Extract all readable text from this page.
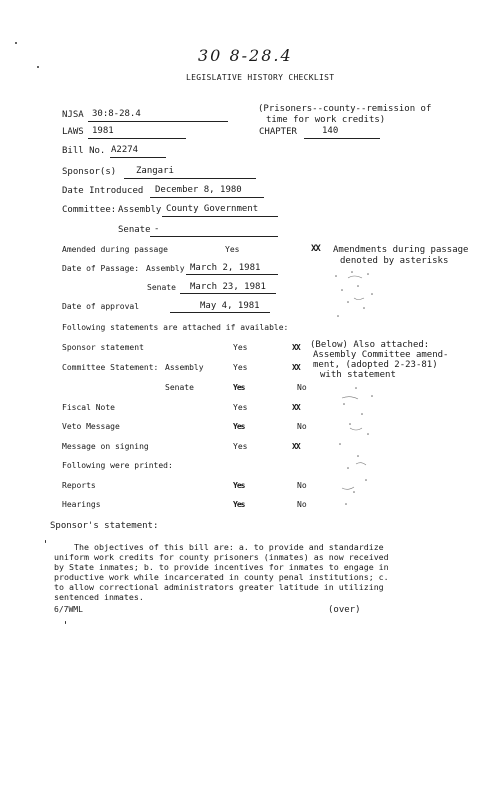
30 8-28.4
LEGISLATIVE HISTORY CHECKLIST
NJSA 30:8-28.4	(Prisoners--county--remission of
time for work credits)
LAWS 1981	CHAPTER	140
Bill No. A2274
Sponsor(s) Zangari
Date Introduced December 8, 1980
Committee: Assembly County Government
Senate -
Amended during passage	Yes	XX Amendments during passage
denoted by asterisks
Date of Passage: Assembly March 2, 1981
Senate March 23, 1981
Date of approval	May 4, 1981
Following statements are attached if available:
Sponsor statement	Yes	XX (Below) Also attached:
Assembly Committee amend-
ment, (adopted 2-23-81)
with statement
Committee Statement: Assembly	Yes	XX
Senate	Yes	No
Fiscal Note	Yes	XX
Veto Message	Yes	No
Message on signing	Yes	XX
Following were printed:
Reports	Yes	No
Hearings	Yes	No
Sponsor's statement:

The objectives of this bill are: a. to provide and standardize

uniform work credits for county prisoners (inmates) as now received

by State inmates; b. to provide incentives for inmates to engage in

productive work while incarcerated in county penal institutions; c.

to allow correctional administrators greater latitude in utilizing

sentenced inmates.

6/7WML	(over)
